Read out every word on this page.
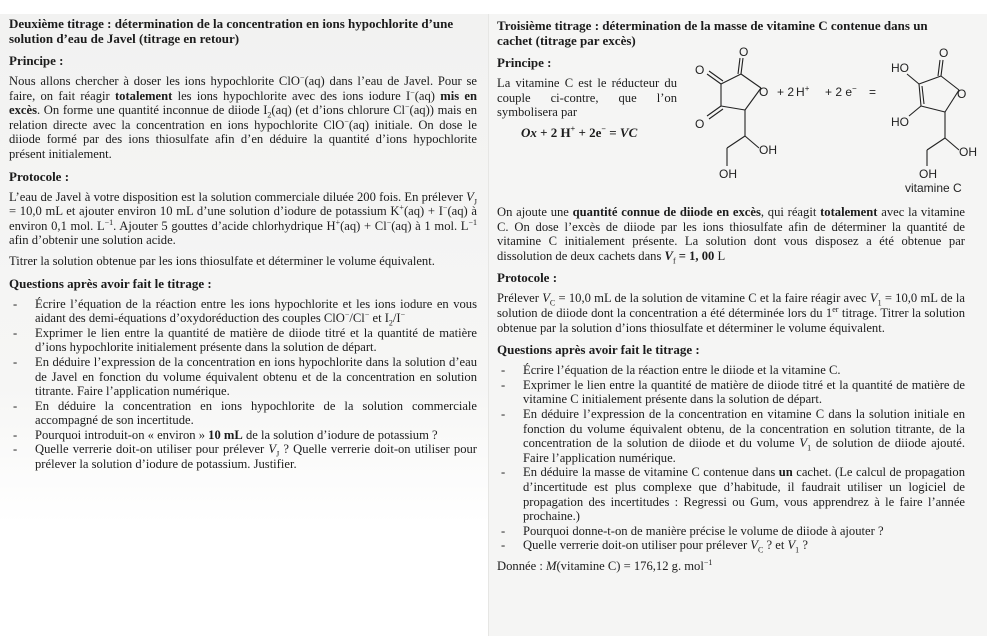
Deuxième titrage : détermination de la concentration en ions hypochlorite d’une solution d’eau de Javel (titrage en retour)
Principe :

Nous allons chercher à doser les ions hypochlorite ClO−(aq) dans l’eau de Javel. Pour se faire, on fait réagir totalement les ions hypochlorite avec des ions iodure I−(aq) mis en excès. On forme une quantité inconnue de diiode $I_2(aq)$ (et d’ions chlorure Cl−(aq)) mais en relation directe avec la concentration en ions hypochlorite ClO−(aq) initiale. On dose le diiode formé par des ions thiosulfate afin d’en déduire la quantité d’ions hypochlorite présent initialement.

Protocole :

L’eau de Javel à votre disposition est la solution commerciale diluée 200 fois. En prélever $V_J = 10,0$ mL et ajouter environ 10 mL d’une solution d’iodure de potassium K+(aq) + I−(aq) à environ 0,1 mol. $L^{-1}$. Ajouter 5 gouttes d’acide chlorhydrique H+(aq) + Cl−(aq) à 1 mol. $L^{-1}$ afin d’obtenir une solution acide.

Titrer la solution obtenue par les ions thiosulfate et déterminer le volume équivalent.

Questions après avoir fait le titrage :
- Écrire l’équation de la réaction entre les ions hypochlorite et les ions iodure en vous aidant des demi-équations d’oxydoréduction des couples ClO−/Cl− et $I_2/I^-$
- Exprimer le lien entre la quantité de matière de diiode titré et la quantité de matière d’ions hypochlorite initialement présente dans la solution de départ.
- En déduire l’expression de la concentration en ions hypochlorite dans la solution d’eau de Javel en fonction du volume équivalent obtenu et de la concentration en solution titrante. Faire l’application numérique.
- En déduire la concentration en ions hypochlorite de la solution commerciale accompagné de son incertitude.
- Pourquoi introduit-on « environ » 10 mL de la solution d’iodure de potassium ?
- Quelle verrerie doit-on utiliser pour prélever $V_J$ ? Quelle verrerie doit-on utiliser pour prélever la solution d’iodure de potassium. Justifier.
Troisième titrage : détermination de la masse de vitamine C contenue dans un cachet (titrage par excès)
Principe :

La vitamine C est le réducteur du couple ci-contre, que l’on symbolisera par

Ox + 2 H+ + 2e− = VC
O
O
O
O
OH
OH
+ 2 H+ + 2 e− =
HO
HO
O
O
OH
OH
vitamine C

On ajoute une quantité connue de diiode en excès, qui réagit totalement avec la vitamine C. On dose l’excès de diiode par les ions thiosulfate afin de déterminer la quantité de vitamine C initialement présente. La solution dont vous disposez a été obtenue par dissolution de deux cachets dans $V_f = 1$, 00 L

Protocole :

Prélever $V_C = 10,0$ mL de la solution de vitamine C et la faire réagir avec $V_1 = 10,0$ mL de la solution de diiode dont la concentration a été déterminée lors du 1er titrage. Titrer la solution obtenue par la solution d’ions thiosulfate et déterminer le volume équivalent.

Questions après avoir fait le titrage :
- Écrire l’équation de la réaction entre le diiode et la vitamine C.
- Exprimer le lien entre la quantité de matière de diiode titré et la quantité de matière de vitamine C initialement présente dans la solution de départ.
- En déduire l’expression de la concentration en vitamine C dans la solution initiale en fonction du volume équivalent obtenu, de la concentration en solution titrante, de la concentration de la solution de diiode et du volume $V_1$ de solution de diiode ajouté. Faire l’application numérique.
- En déduire la masse de vitamine C contenue dans un cachet. (Le calcul de propagation d’incertitude est plus complexe que d’habitude, il faudrait utiliser un logiciel de propagation des incertitudes : Regressi ou Gum, vous apprendrez à le faire l’année prochaine.)
- Pourquoi donne-t-on de manière précise le volume de diiode à ajouter ?
- Quelle verrerie doit-on utiliser pour prélever $V_C$ ? et $V_1$ ?

Donnée : M(vitamine C) = 176,12 g. mol$^{-1}$
